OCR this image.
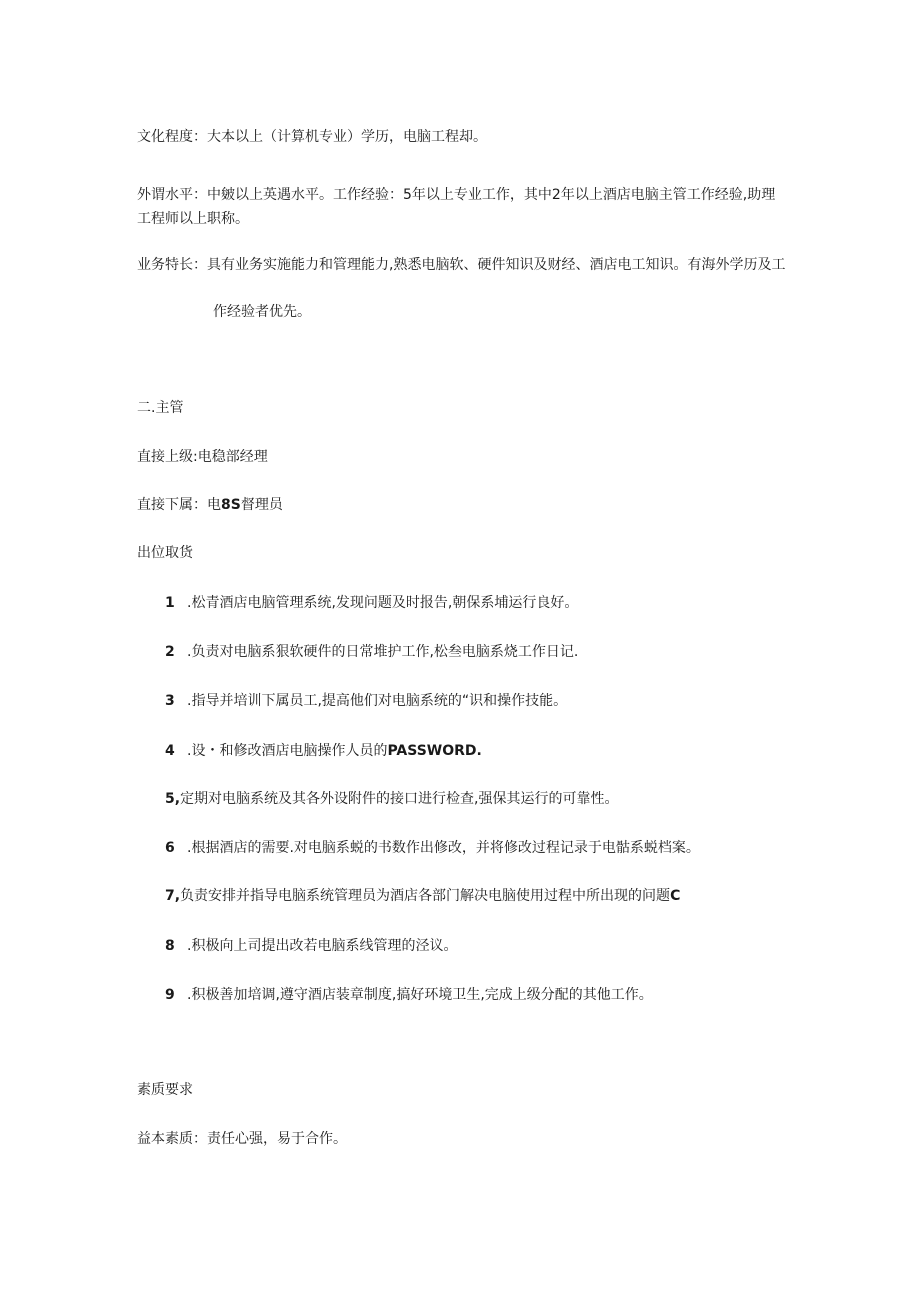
文化程度：大本以上（计算机专业）学历，电脑工程却。
外谓水平：中皴以上英遇水平。工作经验：5年以上专业工作，其中2年以上酒店电脑主管工作经验,助理工程师以上职称。
业务特长：具有业务实施能力和管理能力,熟悉电脑软、硬件知识及财经、酒店电工知识。有海外学历及工
作经验者优先。
二.主管
直接上级:电稳部经理
直接下属：电8S督理员
出位取货
1 .松青酒店电脑管理系统,发现问题及时报告,朝保系埔运行良好。
2 .负责对电脑系狠软硬件的日常堆护工作,松叁电脑系烧工作日记.
3 .指导并培训下属员工,提高他们对电脑系统的“识和操作技能。
4 .设・和修改酒店电脑操作人员的PASSWORD.
5,定期对电脑系统及其各外设附件的接口进行检查,强保其运行的可靠性。
6 .根据酒店的需要.对电脑系蜕的书数作出修改，并将修改过程记录于电骷系蜕档案。
7,负责安排并指导电脑系统管理员为酒店各部门解决电脑使用过程中所出现的问题C
8 .积极向上司提出改若电脑系线管理的泾议。
9 .积极善加培调,遵守酒店装章制度,搞好环境卫生,完成上级分配的其他工作。
素质要求
益本素质：责任心强，易于合作。
